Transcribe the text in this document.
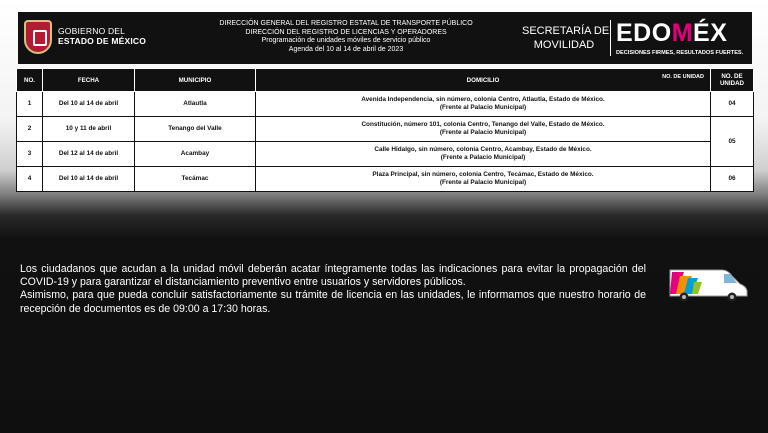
GOBIERNO DEL
ESTADO DE MÉXICO
DIRECCIÓN GENERAL DEL REGISTRO ESTATAL DE TRANSPORTE PÚBLICO
DIRECCIÓN DEL REGISTRO DE LICENCIAS Y OPERADORES
Programación de unidades móviles de servicio público
Agenda del 10 al 14 de abril de 2023
SECRETARÍA DE
MOVILIDAD EDOMÉX
DECISIONES FIRMES, RESULTADOS FUERTES.
NO.	FECHA	MUNICIPIO	DOMICILIO NO. DE UNIDAD	NO. DE UNIDAD
1	Del 10 al 14 de abril	Atlautla	Avenida Independencia, sin número, colonia Centro, Atlautla, Estado de México.
(Frente al Palacio Municipal)	04
2	10 y 11 de abril	Tenango del Valle	Constitución, número 101, colonia Centro, Tenango del Valle, Estado de México.
(Frente al Palacio Municipal)	05
3	Del 12 al 14 de abril	Acambay	Calle Hidalgo, sin número, colonia Centro, Acambay, Estado de México.
(Frente a Palacio Municipal)	

4	Del 10 al 14 de abril	Tecámac	Plaza Principal, sin número, colonia Centro, Tecámac, Estado de México.
(Frente al Palacio Municipal)	06

Los ciudadanos que acudan a la unidad móvil deberán acatar íntegramente todas las indicaciones para evitar la propagación del COVID-19 y para garantizar el distanciamiento preventivo entre usuarios y servidores públicos.

Asimismo, para que pueda concluir satisfactoriamente su trámite de licencia en las unidades, le informamos que nuestro horario de recepción de documentos es de 09:00 a 17:30 horas.
